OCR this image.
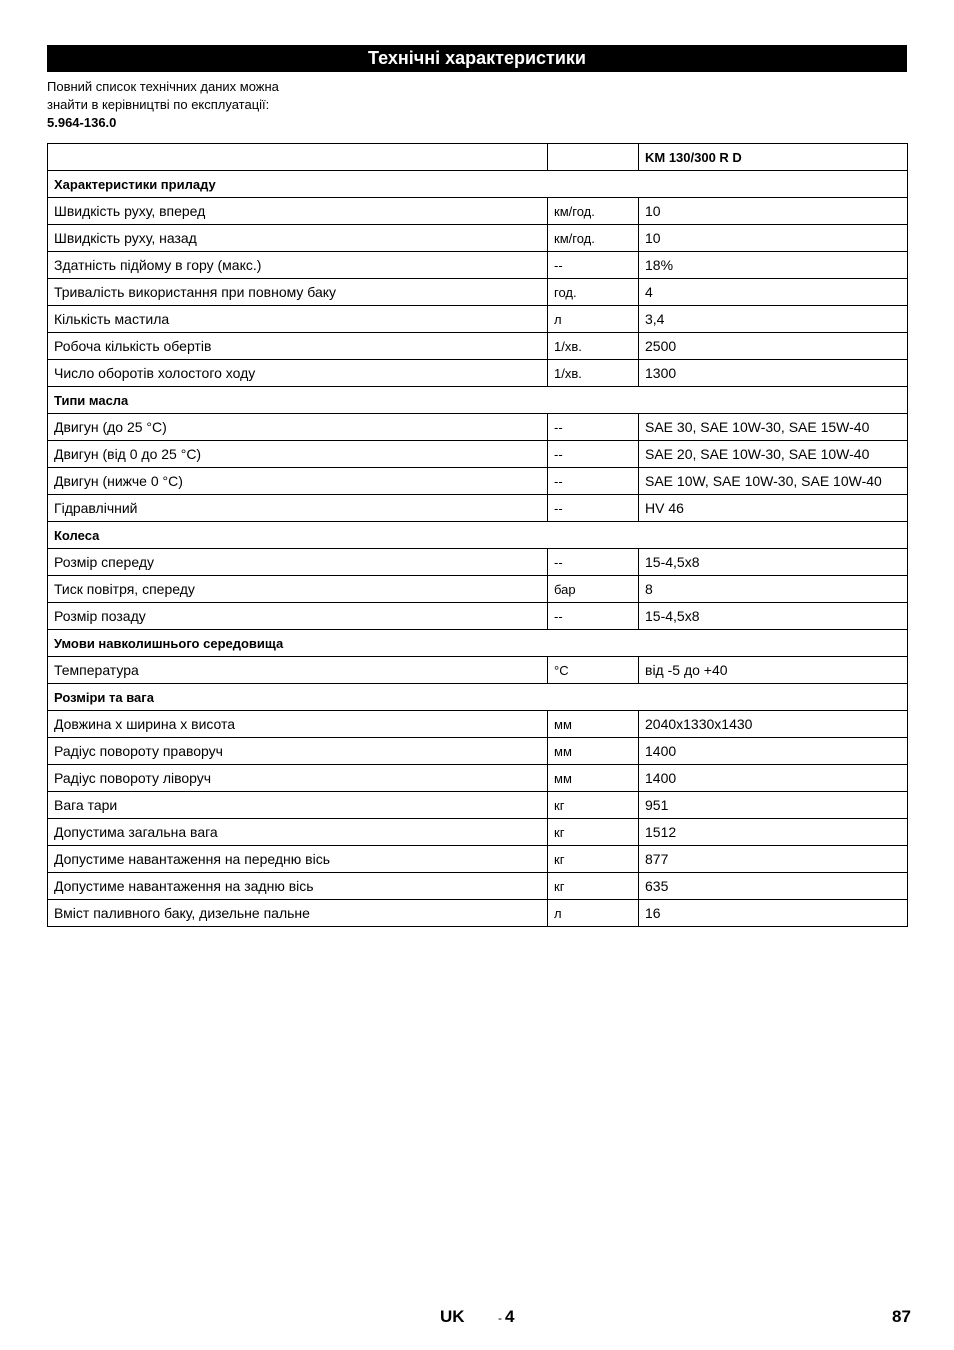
Технічні характеристики
Повний список технічних даних можна
знайти в керівництві по експлуатації:
5.964-136.0
		KM 130/300 R D
Характеристики приладу		
Швидкість руху, вперед	км/год.	10
Швидкість руху, назад	км/год.	10
Здатність підйому в гору (макс.)	--	18%
Тривалість використання при повному баку	год.	4
Кількість мастила	л	3,4
Робоча кількість обертів	1/хв.	2500
Число оборотів холостого ходу	1/хв.	1300
Типи масла		
Двигун (до 25 °C)	--	SAE 30, SAE 10W-30, SAE 15W-40
Двигун (від 0 до 25 °C)	--	SAE 20, SAE 10W-30, SAE 10W-40
Двигун (нижче 0 °C)	--	SAE 10W, SAE 10W-30, SAE 10W-40
Гідравлічний	--	HV 46
Колеса		
Розмір спереду	--	15-4,5x8
Тиск повітря, спереду	бар	8
Розмір позаду	--	15-4,5x8
Умови навколишнього середовища		
Температура	°C	від -5 до +40
Розміри та вага		
Довжина х ширина х висота	мм	2040x1330x1430
Радіус повороту праворуч	мм	1400
Радіус повороту ліворуч	мм	1400
Вага тари	кг	951
Допустима загальна вага	кг	1512
Допустиме навантаження на передню вісь	кг	877
Допустиме навантаження на задню вісь	кг	635
Вміст паливного баку, дизельне пальне	л	16
UK	- 4	87
